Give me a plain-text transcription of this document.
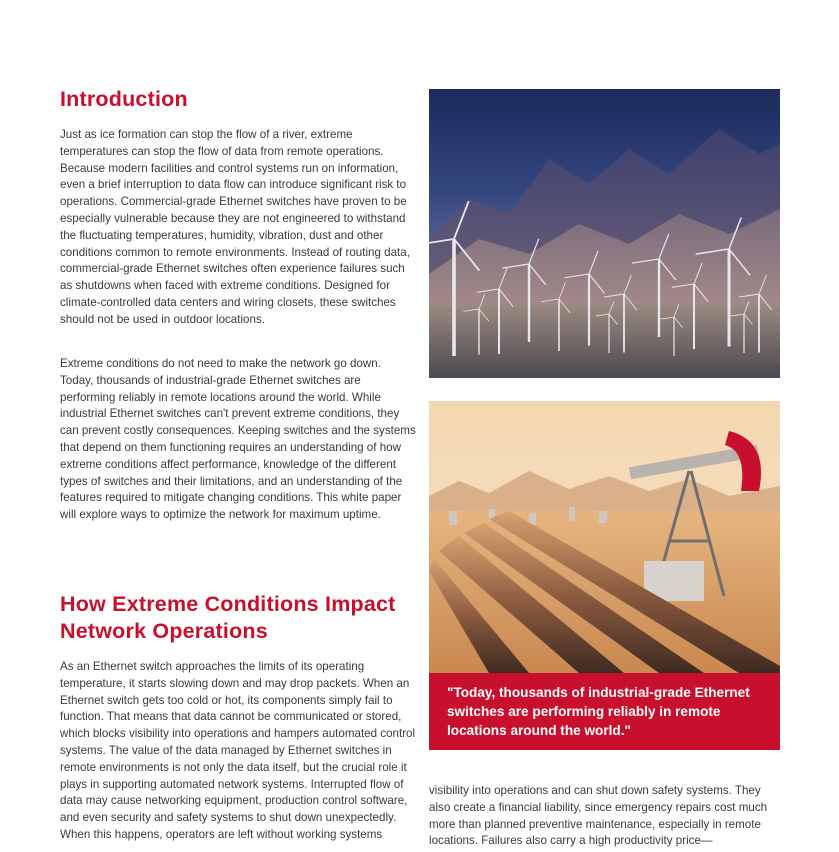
Introduction

Just as ice formation can stop the flow of a river, extreme temperatures can stop the flow of data from remote operations. Because modern facilities and control systems run on information, even a brief interruption to data flow can introduce significant risk to operations. Commercial-grade Ethernet switches have proven to be especially vulnerable because they are not engineered to withstand the fluctuating temperatures, humidity, vibration, dust and other conditions common to remote environments. Instead of routing data, commercial-grade Ethernet switches often experience failures such as shutdowns when faced with extreme conditions. Designed for climate-controlled data centers and wiring closets, these switches should not be used in outdoor locations.

Extreme conditions do not need to make the network go down. Today, thousands of industrial-grade Ethernet switches are performing reliably in remote locations around the world. While industrial Ethernet switches can't prevent extreme conditions, they can prevent costly consequences. Keeping switches and the systems that depend on them functioning requires an understanding of how extreme conditions affect performance, knowledge of the different types of switches and their limitations, and an understanding of the features required to mitigate changing conditions. This white paper will explore ways to optimize the network for maximum uptime.

How Extreme Conditions Impact Network Operations

As an Ethernet switch approaches the limits of its operating temperature, it starts slowing down and may drop packets. When an Ethernet switch gets too cold or hot, its components simply fail to function. That means that data cannot be communicated or stored, which blocks visibility into operations and hampers automated control systems. The value of the data managed by Ethernet switches in remote environments is not only the data itself, but the crucial role it plays in supporting automated network systems. Interrupted flow of data may cause networking equipment, production control software, and even security and safety systems to shut down unexpectedly. When this happens, operators are left without working systems

"Today, thousands of industrial-grade Ethernet switches are performing reliably in remote locations around the world."

visibility into operations and can shut down safety systems. They also create a financial liability, since emergency repairs cost much more than planned preventive maintenance, especially in remote locations. Failures also carry a high productivity price—
